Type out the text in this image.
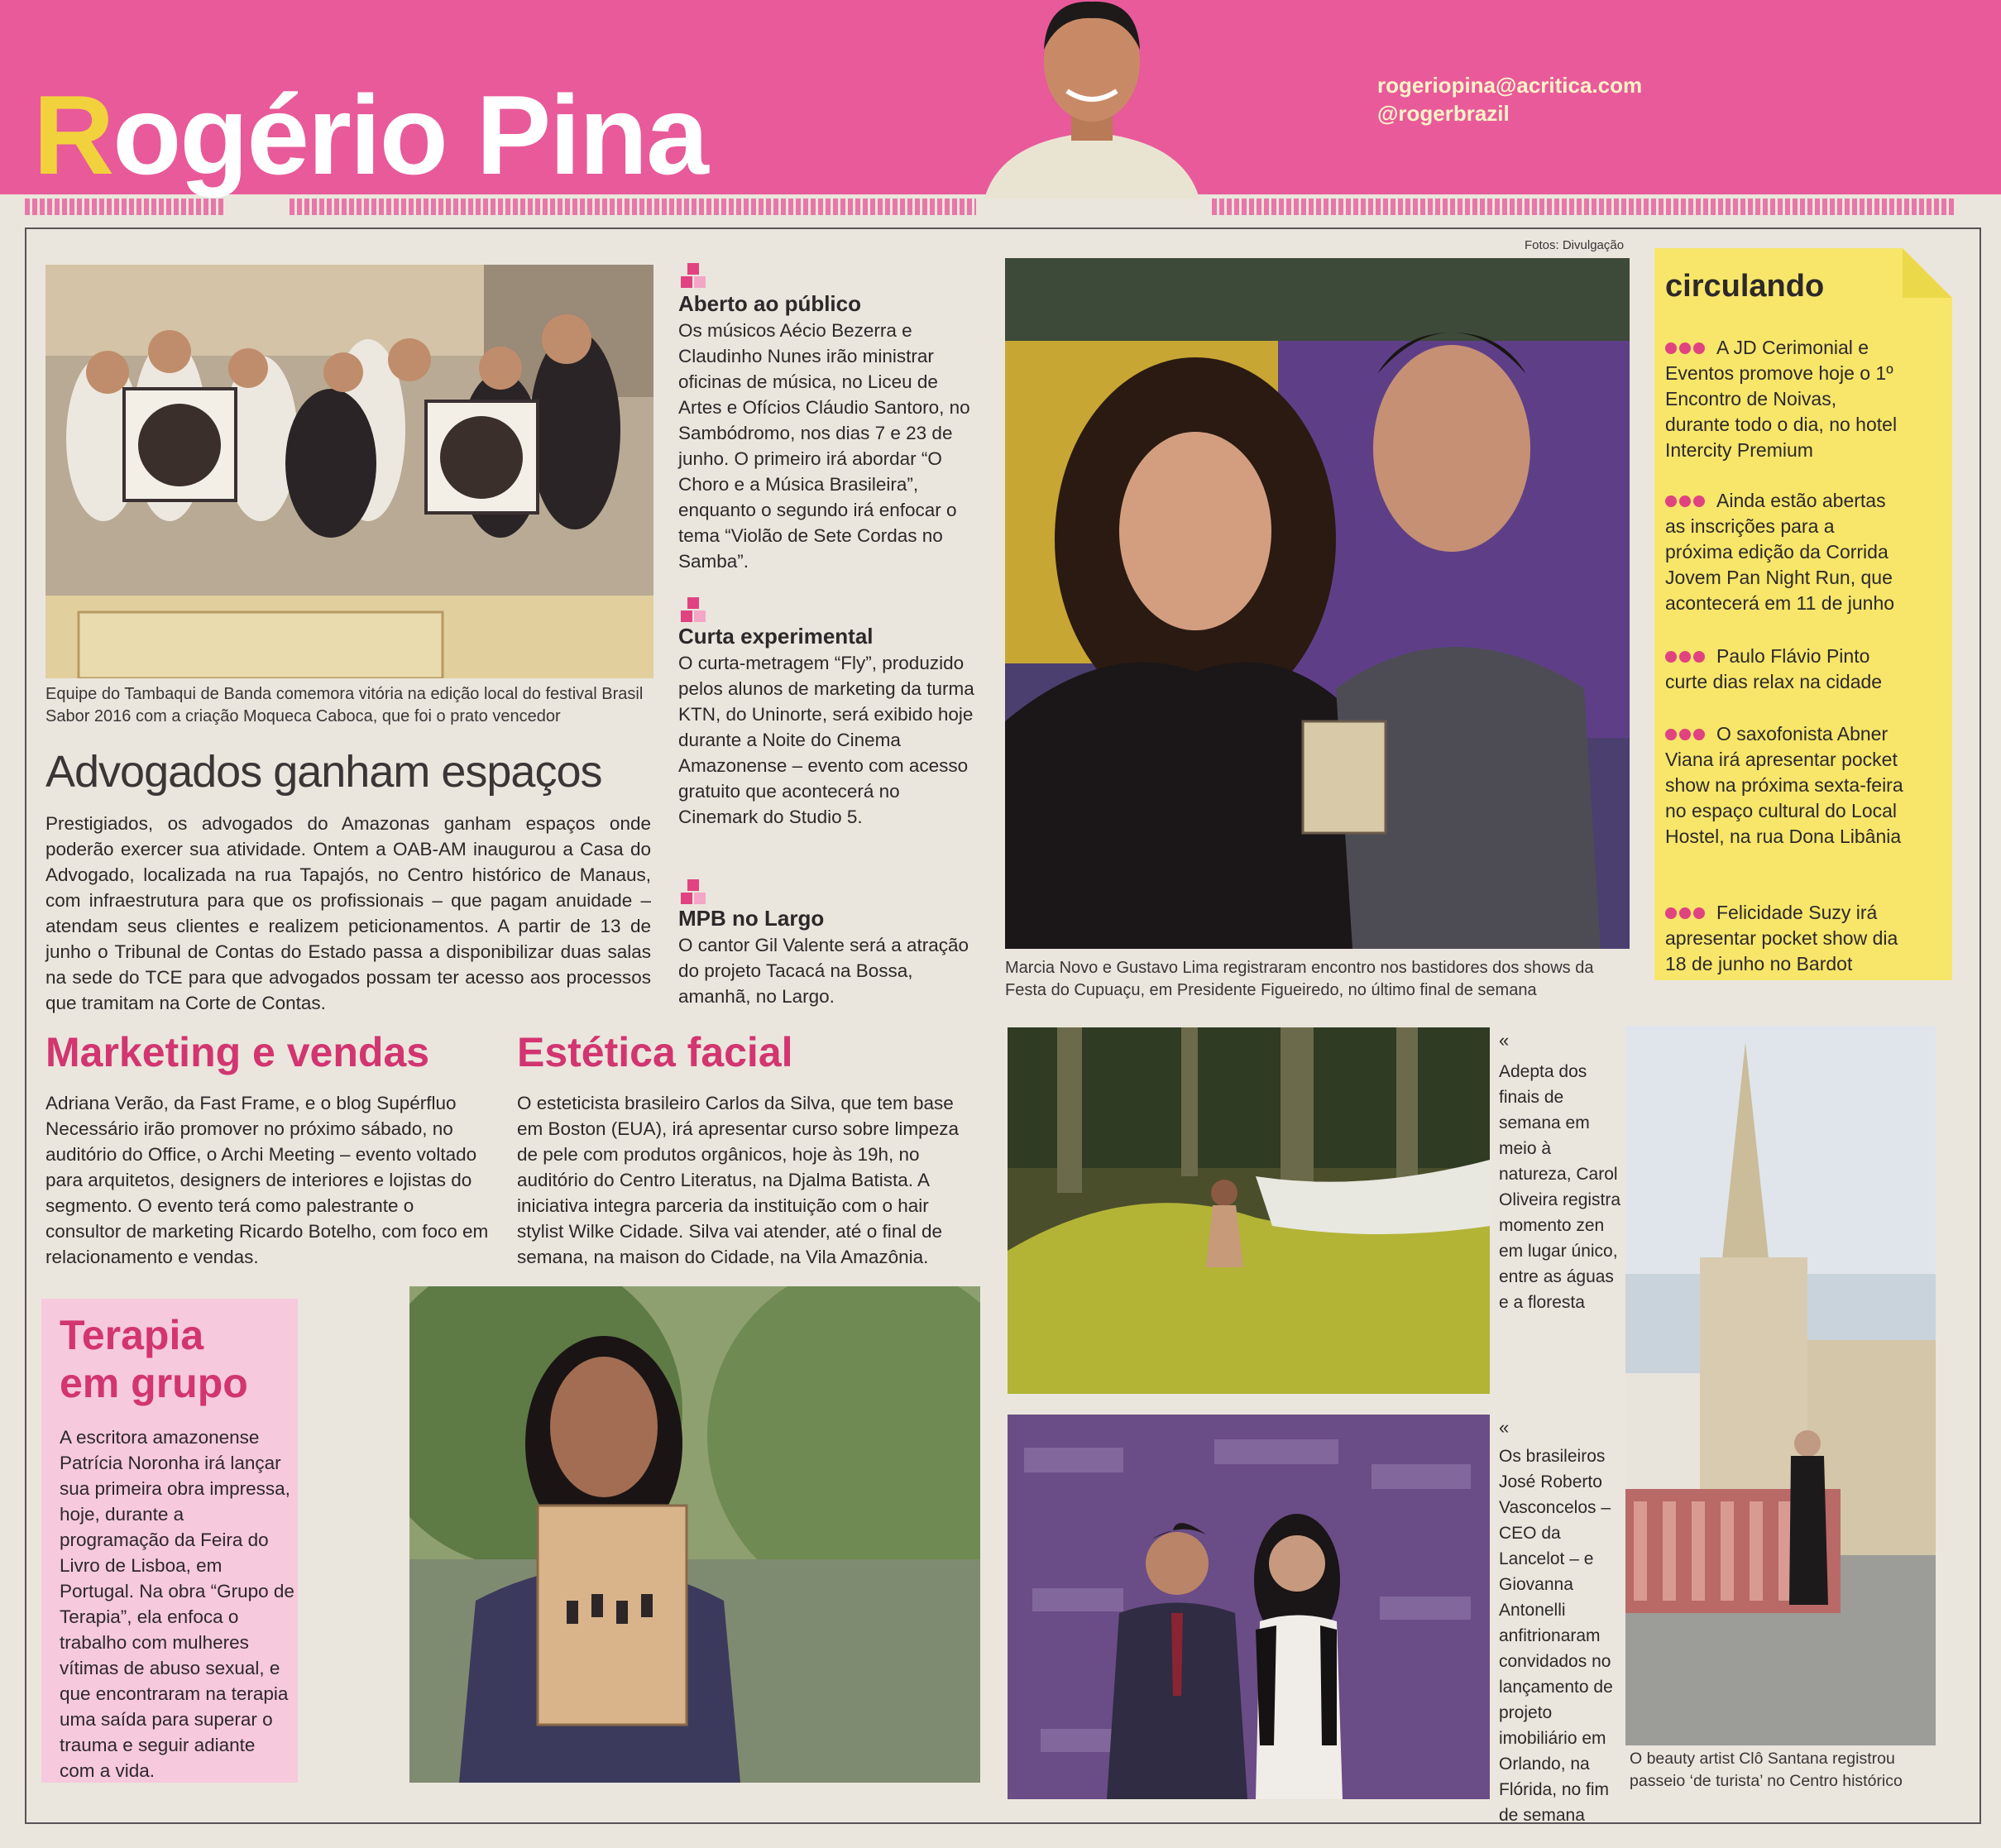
Rogério Pina	rogeriopina@acritica.com
@rogerbrazil
Fotos: Divulgação
Equipe do Tambaqui de Banda comemora vitória na edição local do festival Brasil Sabor 2016 com a criação Moqueca Caboca, que foi o prato vencedor
Advogados ganham espaços
Prestigiados, os advogados do Amazonas ganham espaços onde poderão exercer sua atividade. Ontem a OAB-AM inaugurou a Casa do Advogado, localizada na rua Tapajós, no Centro histórico de Manaus, com infraestrutura para que os profissionais – que pagam anuidade – atendam seus clientes e realizem peticionamentos. A partir de 13 de junho o Tribunal de Contas do Estado passa a disponibilizar duas salas na sede do TCE para que advogados possam ter acesso aos processos que tramitam na Corte de Contas.
Aberto ao público
Os músicos Aécio Bezerra e Claudinho Nunes irão ministrar oficinas de música, no Liceu de Artes e Ofícios Cláudio Santoro, no Sambódromo, nos dias 7 e 23 de junho. O primeiro irá abordar “O Choro e a Música Brasileira”, enquanto o segundo irá enfocar o tema “Violão de Sete Cordas no Samba”.
Curta experimental
O curta-metragem “Fly”, produzido pelos alunos de marketing da turma KTN, do Uninorte, será exibido hoje durante a Noite do Cinema Amazonense – evento com acesso gratuito que acontecerá no Cinemark do Studio 5.
MPB no Largo
O cantor Gil Valente será a atração do projeto Tacacá na Bossa, amanhã, no Largo.
Marcia Novo e Gustavo Lima registraram encontro nos bastidores dos shows da Festa do Cupuaçu, em Presidente Figueiredo, no último final de semana
circulando
A JD Cerimonial e Eventos promove hoje o 1º Encontro de Noivas, durante todo o dia, no hotel Intercity Premium
Ainda estão abertas as inscrições para a próxima edição da Corrida Jovem Pan Night Run, que acontecerá em 11 de junho
Paulo Flávio Pinto curte dias relax na cidade
O saxofonista Abner Viana irá apresentar pocket show na próxima sexta-feira no espaço cultural do Local Hostel, na rua Dona Libânia
Felicidade Suzy irá apresentar pocket show dia 18 de junho no Bardot
Marketing e vendas
Adriana Verão, da Fast Frame, e o blog Supérfluo Necessário irão promover no próximo sábado, no auditório do Office, o Archi Meeting – evento voltado para arquitetos, designers de interiores e lojistas do segmento. O evento terá como palestrante o consultor de marketing Ricardo Botelho, com foco em relacionamento e vendas.
Estética facial
O esteticista brasileiro Carlos da Silva, que tem base em Boston (EUA), irá apresentar curso sobre limpeza de pele com produtos orgânicos, hoje às 19h, no auditório do Centro Literatus, na Djalma Batista. A iniciativa integra parceria da instituição com o hair stylist Wilke Cidade. Silva vai atender, até o final de semana, na maison do Cidade, na Vila Amazônia.
Terapia
em grupo
A escritora amazonense Patrícia Noronha irá lançar sua primeira obra impressa, hoje, durante a programação da Feira do Livro de Lisboa, em Portugal. Na obra “Grupo de Terapia”, ela enfoca o trabalho com mulheres vítimas de abuso sexual, e que encontraram na terapia uma saída para superar o trauma e seguir adiante com a vida.
«
Adepta dos finais de semana em meio à natureza, Carol Oliveira registra momento zen em lugar único, entre as águas e a floresta
«
Os brasileiros José Roberto Vasconcelos – CEO da Lancelot – e Giovanna Antonelli anfitrionaram convidados no lançamento de projeto imobiliário em Orlando, na Flórida, no fim de semana
O beauty artist Clô Santana registrou passeio ‘de turista’ no Centro histórico
